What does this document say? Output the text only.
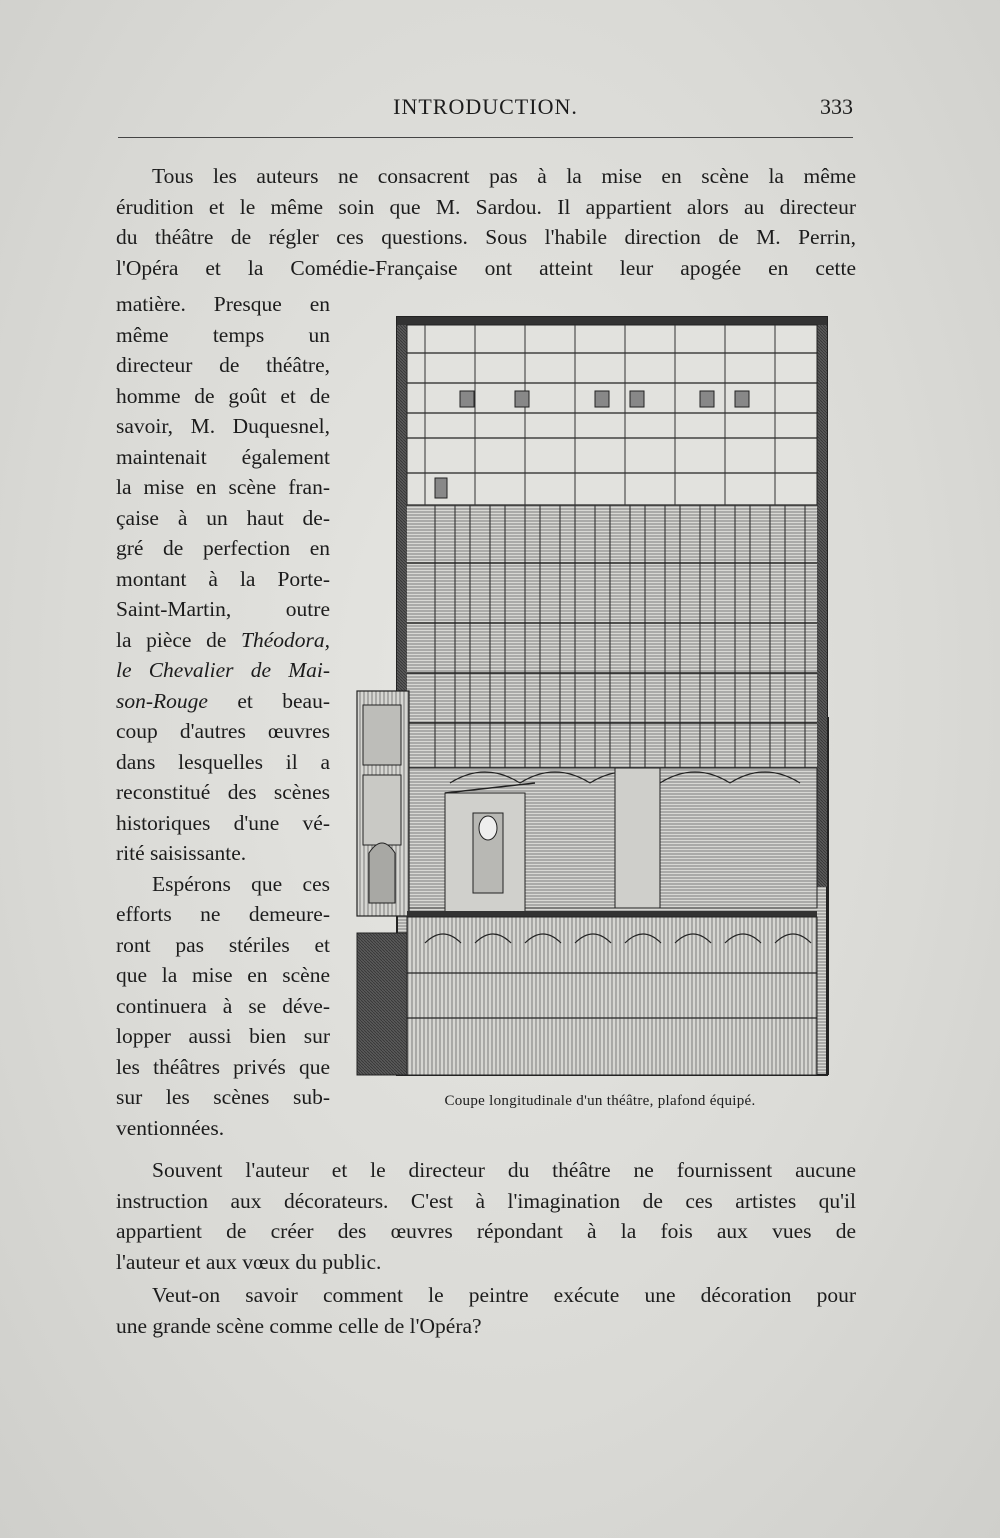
INTRODUCTION.	333

Tous les auteurs ne consacrent pas à la mise en scène la même

érudition et le même soin que M. Sardou. Il appartient alors au directeur

du théâtre de régler ces questions. Sous l'habile direction de M. Perrin,

l'Opéra et la Comédie-Française ont atteint leur apogée en cette

matière. Presque en

même temps un

directeur de théâtre,

homme de goût et de

savoir, M. Duquesnel,

maintenait également

la mise en scène fran-

çaise à un haut de-

gré de perfection en

montant à la Porte-

Saint-Martin, outre

la pièce de Théodora,

le Chevalier de Mai-

son-Rouge et beau-

coup d'autres œuvres

dans lesquelles il a

reconstitué des scènes

historiques d'une vé-

rité saisissante.

Espérons que ces

efforts ne demeure-

ront pas stériles et

que la mise en scène

continuera à se déve-

lopper aussi bien sur

les théâtres privés que

sur les scènes sub-

ventionnées.

Coupe longitudinale d'un théâtre, plafond équipé.

Souvent l'auteur et le directeur du théâtre ne fournissent aucune

instruction aux décorateurs. C'est à l'imagination de ces artistes qu'il

appartient de créer des œuvres répondant à la fois aux vues de

l'auteur et aux vœux du public.

Veut-on savoir comment le peintre exécute une décoration pour

une grande scène comme celle de l'Opéra?
